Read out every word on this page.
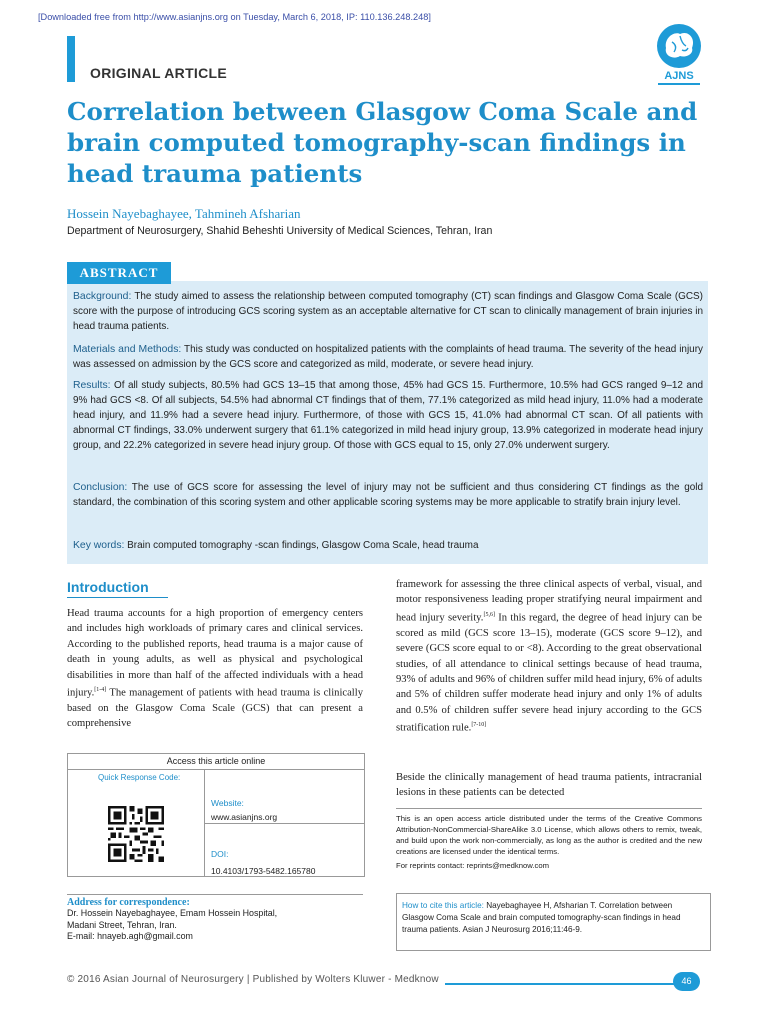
[Downloaded free from http://www.asianjns.org on Tuesday, March 6, 2018, IP: 110.136.248.248]
ORIGINAL ARTICLE	AJNS
Correlation between Glasgow Coma Scale and brain computed tomography-scan findings in head trauma patients
Hossein Nayebaghayee, Tahmineh Afsharian
Department of Neurosurgery, Shahid Beheshti University of Medical Sciences, Tehran, Iran
ABSTRACT
Background: The study aimed to assess the relationship between computed tomography (CT) scan findings and Glasgow Coma Scale (GCS) score with the purpose of introducing GCS scoring system as an acceptable alternative for CT scan to clinically management of brain injuries in head trauma patients.
Materials and Methods: This study was conducted on hospitalized patients with the complaints of head trauma. The severity of the head injury was assessed on admission by the GCS score and categorized as mild, moderate, or severe head injury.
Results: Of all study subjects, 80.5% had GCS 13–15 that among those, 45% had GCS 15. Furthermore, 10.5% had GCS ranged 9–12 and 9% had GCS <8. Of all subjects, 54.5% had abnormal CT findings that of them, 77.1% categorized as mild head injury, 11.0% had a moderate head injury, and 11.9% had a severe head injury. Furthermore, of those with GCS 15, 41.0% had abnormal CT scan. Of all patients with abnormal CT findings, 33.0% underwent surgery that 61.1% categorized in mild head injury group, 13.9% categorized in moderate head injury group, and 22.2% categorized in severe head injury group. Of those with GCS equal to 15, only 27.0% underwent surgery.
Conclusion: The use of GCS score for assessing the level of injury may not be sufficient and thus considering CT findings as the gold standard, the combination of this scoring system and other applicable scoring systems may be more applicable to stratify brain injury level.
Key words: Brain computed tomography -scan findings, Glasgow Coma Scale, head trauma
Introduction
Head trauma accounts for a high proportion of emergency centers and includes high workloads of primary cares and clinical services. According to the published reports, head trauma is a major cause of death in young adults, as well as physical and psychological disabilities in more than half of the affected individuals with a head injury.[1-4] The management of patients with head trauma is clinically based on the Glasgow Coma Scale (GCS) that can present a comprehensive
framework for assessing the three clinical aspects of verbal, visual, and motor responsiveness leading proper stratifying neural impairment and head injury severity.[5,6] In this regard, the degree of head injury can be scored as mild (GCS score 13–15), moderate (GCS score 9–12), and severe (GCS score equal to or <8). According to the great observational studies, of all attendance to clinical settings because of head trauma, 93% of adults and 96% of children suffer mild head injury, 6% of adults and 5% of children suffer moderate head injury and only 1% of adults and 0.5% of children suffer severe head injury according to the GCS stratification rule.[7-10]
Beside the clinically management of head trauma patients, intracranial lesions in these patients can be detected
Access this article online
Quick Response Code:
Website:
www.asianjns.org
DOI:
10.4103/1793-5482.165780
Address for correspondence:
Dr. Hossein Nayebaghayee, Emam Hossein Hospital,
Madani Street, Tehran, Iran.
E-mail: hnayeb.agh@gmail.com
This is an open access article distributed under the terms of the Creative Commons Attribution-NonCommercial-ShareAlike 3.0 License, which allows others to remix, tweak, and build upon the work non-commercially, as long as the author is credited and the new creations are licensed under the identical terms.
For reprints contact: reprints@medknow.com
How to cite this article: Nayebaghayee H, Afsharian T. Correlation between Glasgow Coma Scale and brain computed tomography-scan findings in head trauma patients. Asian J Neurosurg 2016;11:46-9.
© 2016 Asian Journal of Neurosurgery | Published by Wolters Kluwer - Medknow	46
